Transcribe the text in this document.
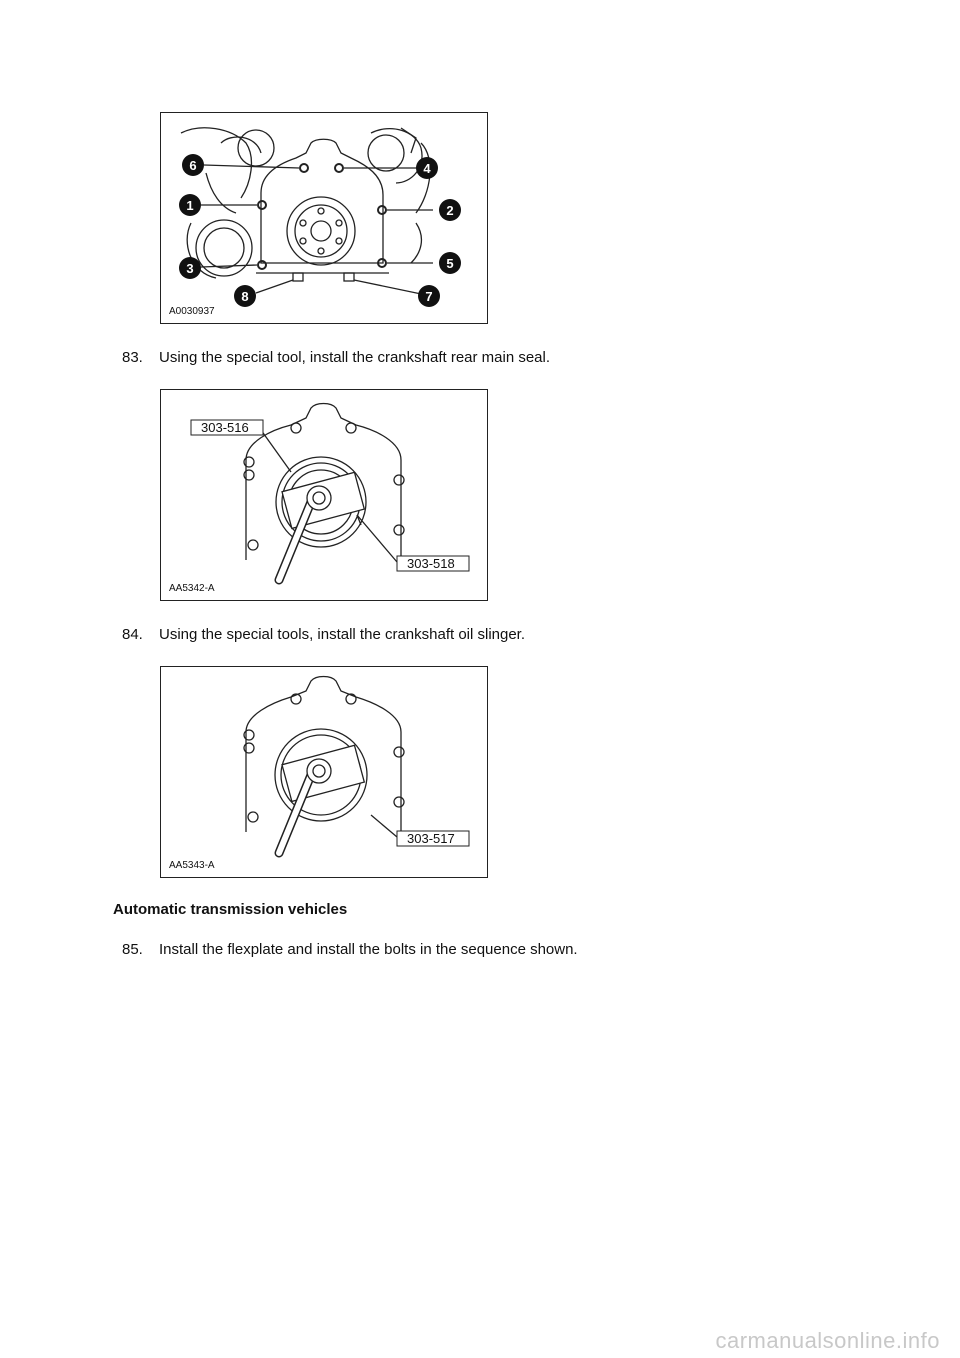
6
1
3
8
4
2
5
7
A0030937
83. Using the special tool, install the crankshaft rear main seal.
303-516
303-518
AA5342-A
84. Using the special tools, install the crankshaft oil slinger.
303-517
AA5343-A
Automatic transmission vehicles
85. Install the flexplate and install the bolts in the sequence shown.
carmanualsonline.info
